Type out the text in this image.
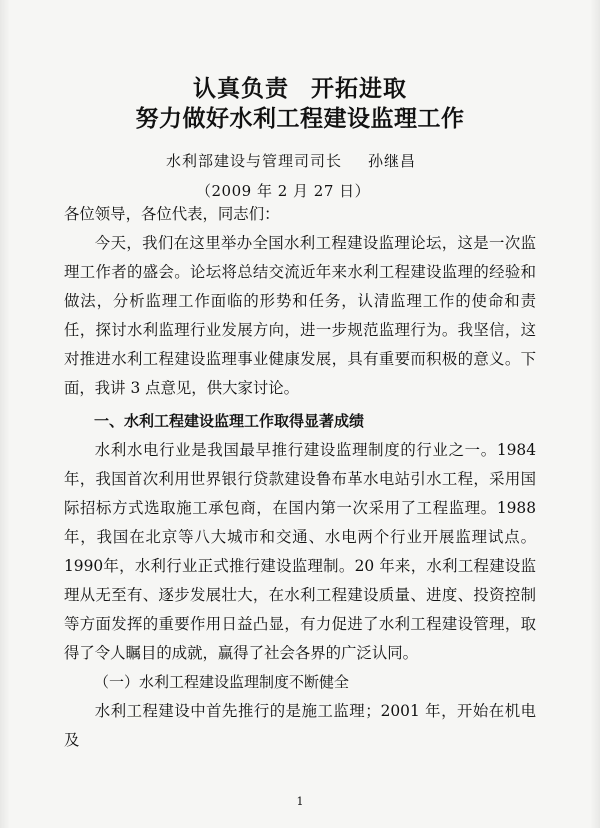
认真负责 开拓进取
努力做好水利工程建设监理工作
水利部建设与管理司司长 孙继昌
（2009 年 2 月 27 日）

各位领导，各位代表，同志们：

今天，我们在这里举办全国水利工程建设监理论坛，这是一次监理工作者的盛会。论坛将总结交流近年来水利工程建设监理的经验和做法，分析监理工作面临的形势和任务，认清监理工作的使命和责任，探讨水利监理行业发展方向，进一步规范监理行为。我坚信，这对推进水利工程建设监理事业健康发展，具有重要而积极的意义。下面，我讲 3 点意见，供大家讨论。

一、水利工程建设监理工作取得显著成绩

水利水电行业是我国最早推行建设监理制度的行业之一。1984年，我国首次利用世界银行贷款建设鲁布革水电站引水工程，采用国际招标方式选取施工承包商，在国内第一次采用了工程监理。1988年，我国在北京等八大城市和交通、水电两个行业开展监理试点。1990年，水利行业正式推行建设监理制。20 年来，水利工程建设监理从无至有、逐步发展壮大，在水利工程建设质量、进度、投资控制等方面发挥的重要作用日益凸显，有力促进了水利工程建设管理，取得了令人瞩目的成就，赢得了社会各界的广泛认同。

（一）水利工程建设监理制度不断健全

水利工程建设中首先推行的是施工监理；2001 年，开始在机电及

1
